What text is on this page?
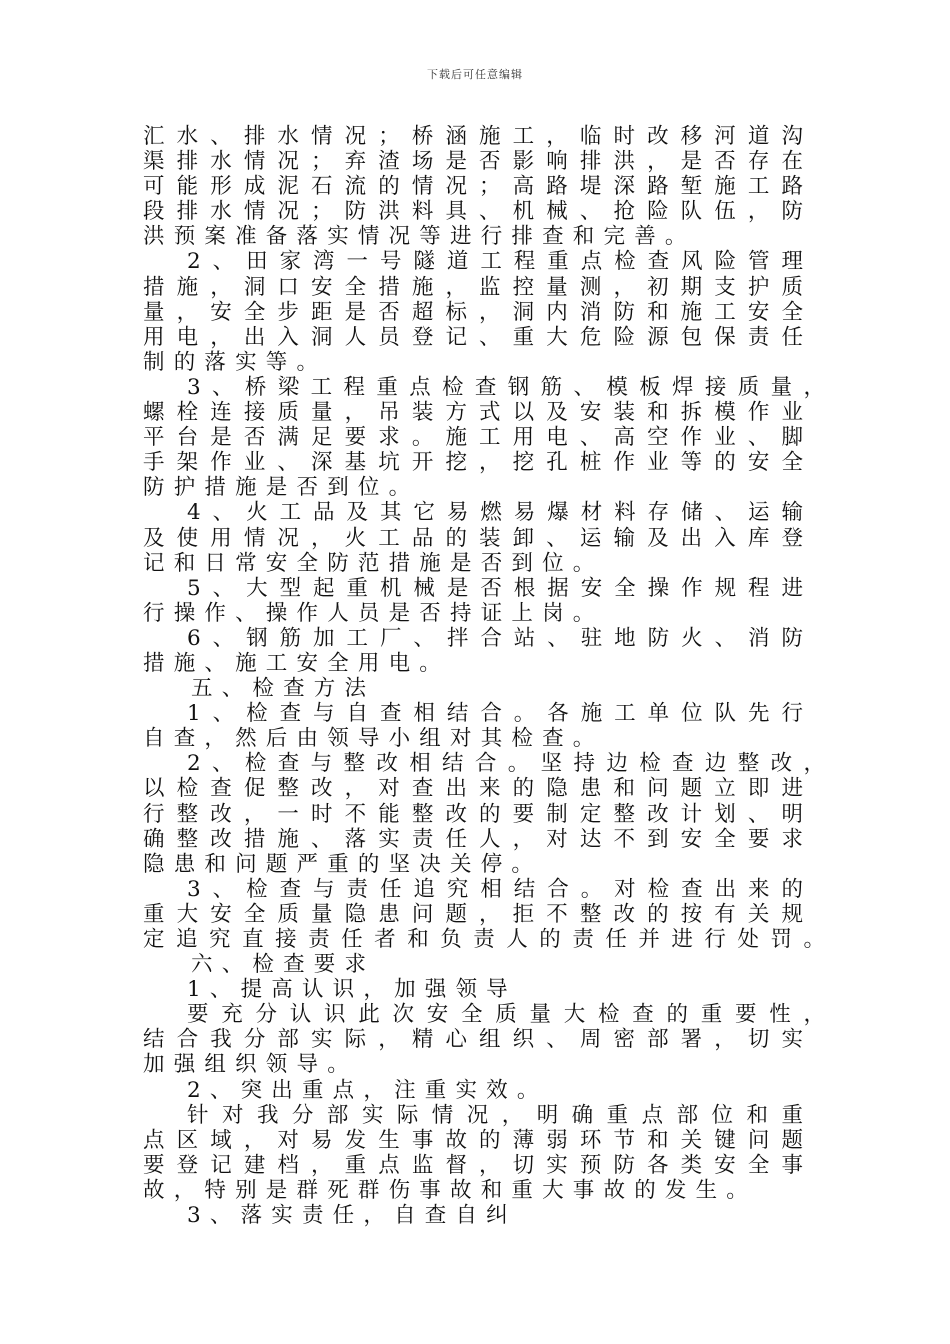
下载后可任意编辑
汇水、排水情况；桥涵施工，临时改移河道沟
渠排水情况；弃渣场是否影响排洪，是否存在
可能形成泥石流的情况；高路堤深路堑施工路
段排水情况；防洪料具、机械、抢险队伍，防
洪预案准备落实情况等进行排查和完善。
2、田家湾一号隧道工程重点检查风险管理
措施，洞口安全措施，监控量测，初期支护质
量，安全步距是否超标，洞内消防和施工安全
用电，出入洞人员登记、重大危险源包保责任
制的落实等。
3、桥梁工程重点检查钢筋、模板焊接质量，
螺栓连接质量，吊装方式以及安装和拆模作业
平台是否满足要求。施工用电、高空作业、脚
手架作业、深基坑开挖，挖孔桩作业等的安全
防护措施是否到位。
4、火工品及其它易燃易爆材料存储、运输
及使用情况，火工品的装卸、运输及出入库登
记和日常安全防范措施是否到位。
5、大型起重机械是否根据安全操作规程进
行操作、操作人员是否持证上岗。
6、钢筋加工厂、拌合站、驻地防火、消防
措施、施工安全用电。
五、检查方法
1、检查与自查相结合。各施工单位队先行
自查，然后由领导小组对其检查。
2、检查与整改相结合。坚持边检查边整改，
以检查促整改，对查出来的隐患和问题立即进
行整改，一时不能整改的要制定整改计划、明
确整改措施、落实责任人，对达不到安全要求
隐患和问题严重的坚决关停。
3、检查与责任追究相结合。对检查出来的
重大安全质量隐患问题，拒不整改的按有关规
定追究直接责任者和负责人的责任并进行处罚。
六、检查要求
1、提高认识，加强领导
要充分认识此次安全质量大检查的重要性，
结合我分部实际，精心组织、周密部署，切实
加强组织领导。
2、突出重点，注重实效。
针对我分部实际情况，明确重点部位和重
点区域，对易发生事故的薄弱环节和关键问题
要登记建档，重点监督，切实预防各类安全事
故，特别是群死群伤事故和重大事故的发生。
3、落实责任，自查自纠
